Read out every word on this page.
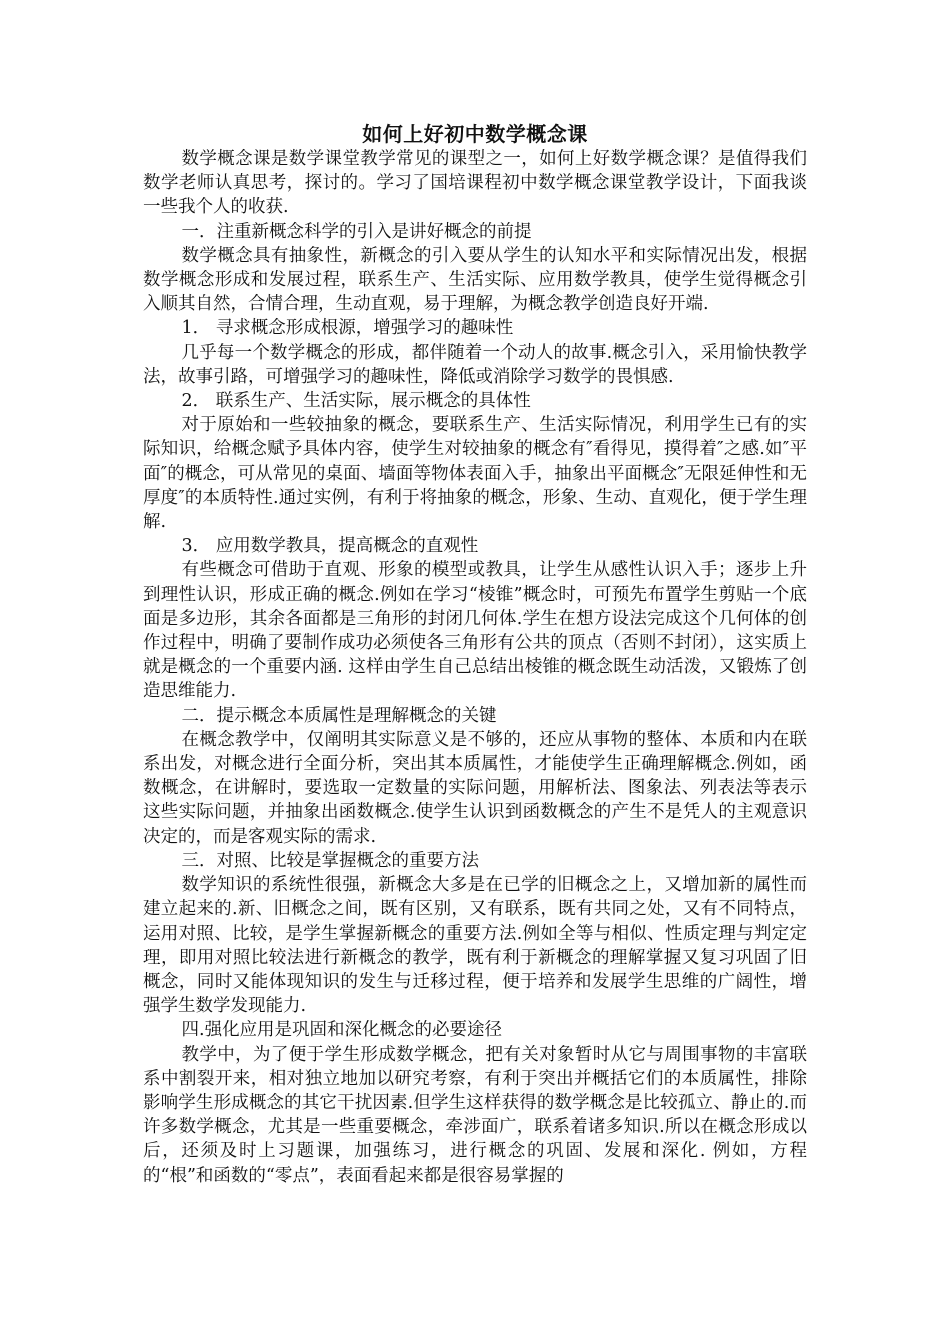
如何上好初中数学概念课

数学概念课是数学课堂教学常见的课型之一，如何上好数学概念课？是值得我们数学老师认真思考，探讨的。学习了国培课程初中数学概念课堂教学设计，下面我谈一些我个人的收获.

一．注重新概念科学的引入是讲好概念的前提

数学概念具有抽象性，新概念的引入要从学生的认知水平和实际情况出发，根据数学概念形成和发展过程，联系生产、生活实际、应用数学教具，使学生觉得概念引入顺其自然，合情合理，生动直观，易于理解，为概念教学创造良好开端.

1． 寻求概念形成根源，增强学习的趣味性

几乎每一个数学概念的形成，都伴随着一个动人的故事.概念引入，采用愉快教学法，故事引路，可增强学习的趣味性，降低或消除学习数学的畏惧感.

2． 联系生产、生活实际，展示概念的具体性

对于原始和一些较抽象的概念，要联系生产、生活实际情况，利用学生已有的实际知识，给概念赋予具体内容，使学生对较抽象的概念有″看得见，摸得着″之感.如″平面″的概念，可从常见的桌面、墙面等物体表面入手，抽象出平面概念″无限延伸性和无厚度″的本质特性.通过实例，有利于将抽象的概念，形象、生动、直观化，便于学生理解.

3． 应用数学教具，提高概念的直观性

有些概念可借助于直观、形象的模型或教具，让学生从感性认识入手；逐步上升到理性认识，形成正确的概念.例如在学习“棱锥”概念时，可预先布置学生剪贴一个底面是多边形，其余各面都是三角形的封闭几何体.学生在想方设法完成这个几何体的创作过程中，明确了要制作成功必须使各三角形有公共的顶点（否则不封闭），这实质上就是概念的一个重要内涵. 这样由学生自己总结出棱锥的概念既生动活泼，又锻炼了创造思维能力.

二．提示概念本质属性是理解概念的关键

在概念教学中，仅阐明其实际意义是不够的，还应从事物的整体、本质和内在联系出发，对概念进行全面分析，突出其本质属性，才能使学生正确理解概念.例如，函数概念，在讲解时，要选取一定数量的实际问题，用解析法、图象法、列表法等表示这些实际问题，并抽象出函数概念.使学生认识到函数概念的产生不是凭人的主观意识决定的，而是客观实际的需求.

三．对照、比较是掌握概念的重要方法

数学知识的系统性很强，新概念大多是在已学的旧概念之上，又增加新的属性而建立起来的.新、旧概念之间，既有区别，又有联系，既有共同之处，又有不同特点，运用对照、比较，是学生掌握新概念的重要方法.例如全等与相似、性质定理与判定定理，即用对照比较法进行新概念的教学，既有利于新概念的理解掌握又复习巩固了旧概念，同时又能体现知识的发生与迁移过程，便于培养和发展学生思维的广阔性，增强学生数学发现能力.

四.强化应用是巩固和深化概念的必要途径

教学中，为了便于学生形成数学概念，把有关对象暂时从它与周围事物的丰富联系中割裂开来，相对独立地加以研究考察，有利于突出并概括它们的本质属性，排除影响学生形成概念的其它干扰因素.但学生这样获得的数学概念是比较孤立、静止的.而许多数学概念，尤其是一些重要概念，牵涉面广，联系着诸多知识.所以在概念形成以后，还须及时上习题课，加强练习，进行概念的巩固、发展和深化. 例如，方程的“根”和函数的“零点”，表面看起来都是很容易掌握的
